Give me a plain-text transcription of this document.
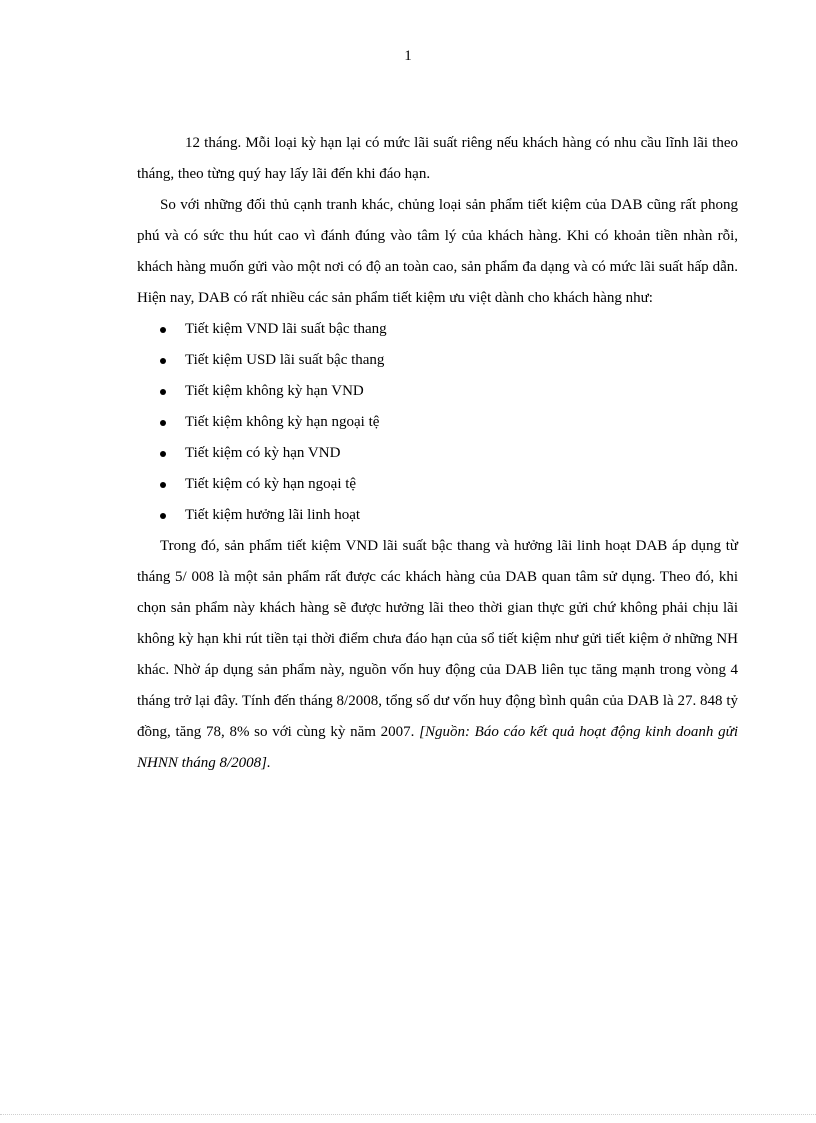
1

12 tháng. Mỗi loại kỳ hạn lại có mức lãi suất riêng nếu khách hàng có nhu cầu lĩnh lãi theo tháng, theo từng quý hay lấy lãi đến khi đáo hạn.

So với những đối thủ cạnh tranh khác, chủng loại sản phẩm tiết kiệm của DAB cũng rất phong phú và có sức thu hút cao vì đánh đúng vào tâm lý của khách hàng. Khi có khoản tiền nhàn rỗi, khách hàng muốn gửi vào một nơi có độ an toàn cao, sản phẩm đa dạng và có mức lãi suất hấp dẫn. Hiện nay, DAB có rất nhiều các sản phẩm tiết kiệm ưu việt dành cho khách hàng như:

Tiết kiệm VND lãi suất bậc thang
Tiết kiệm USD lãi suất bậc thang
Tiết kiệm không kỳ hạn VND
Tiết kiệm không kỳ hạn ngoại tệ
Tiết kiệm có kỳ hạn VND
Tiết kiệm có kỳ hạn ngoại tệ
Tiết kiệm hưởng lãi linh hoạt

Trong đó, sản phẩm tiết kiệm VND lãi suất bậc thang và hưởng lãi linh hoạt DAB áp dụng từ tháng 5/ 008 là một sản phẩm rất được các khách hàng của DAB quan tâm sử dụng. Theo đó, khi chọn sản phẩm này khách hàng sẽ được hưởng lãi theo thời gian thực gửi chứ không phải chịu lãi không kỳ hạn khi rút tiền tại thời điểm chưa đáo hạn của sổ tiết kiệm như gửi tiết kiệm ở những NH khác. Nhờ áp dụng sản phẩm này, nguồn vốn huy động của DAB liên tục tăng mạnh trong vòng 4 tháng trở lại đây. Tính đến tháng 8/2008, tổng số dư vốn huy động bình quân của DAB là 27. 848 tỷ đồng, tăng 78, 8% so với cùng kỳ năm 2007. [Nguồn: Báo cáo kết quả hoạt động kinh doanh gửi NHNN tháng 8/2008].
